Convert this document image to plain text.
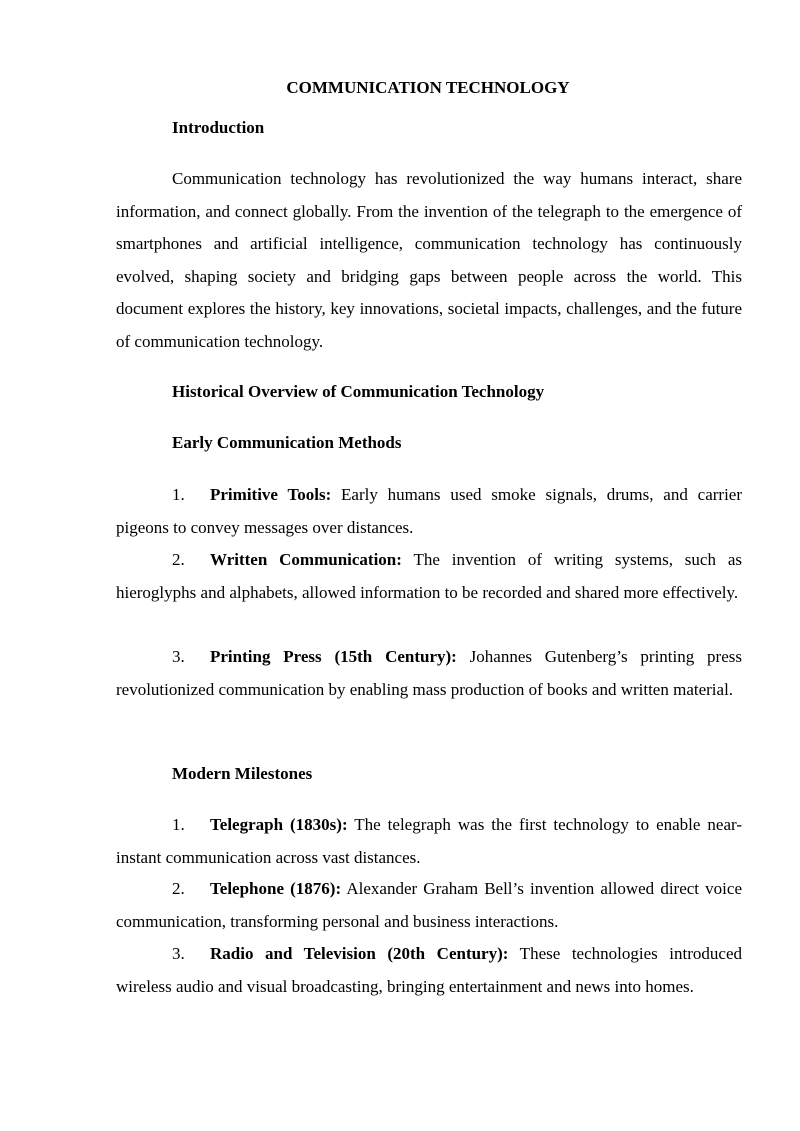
COMMUNICATION TECHNOLOGY
Introduction

Communication technology has revolutionized the way humans interact, share information, and connect globally. From the invention of the telegraph to the emergence of smartphones and artificial intelligence, communication technology has continuously evolved, shaping society and bridging gaps between people across the world. This document explores the history, key innovations, societal impacts, challenges, and the future of communication technology.

Historical Overview of Communication Technology
Early Communication Methods

1. Primitive Tools: Early humans used smoke signals, drums, and carrier pigeons to convey messages over distances.

2. Written Communication: The invention of writing systems, such as hieroglyphs and alphabets, allowed information to be recorded and shared more effectively.

3. Printing Press (15th Century): Johannes Gutenberg’s printing press revolutionized communication by enabling mass production of books and written material.

Modern Milestones

1. Telegraph (1830s): The telegraph was the first technology to enable near-instant communication across vast distances.

2. Telephone (1876): Alexander Graham Bell’s invention allowed direct voice communication, transforming personal and business interactions.

3. Radio and Television (20th Century): These technologies introduced wireless audio and visual broadcasting, bringing entertainment and news into homes.
